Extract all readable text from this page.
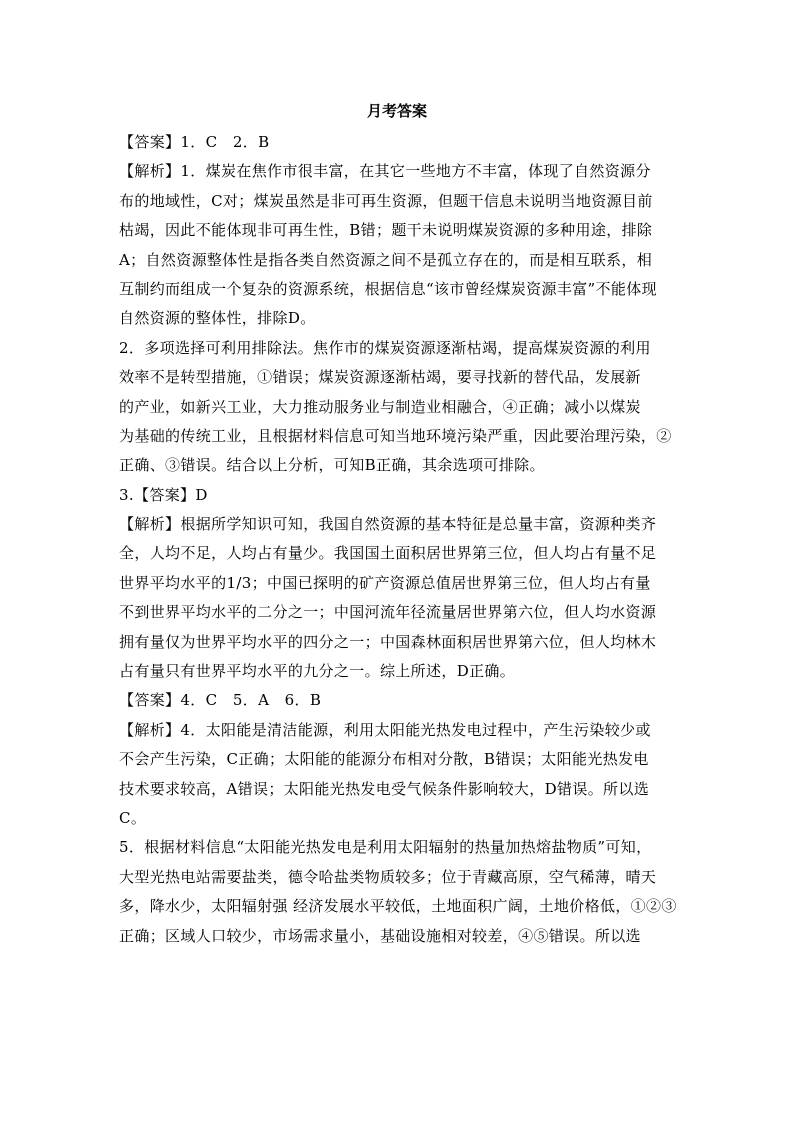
月考答案
【答案】1．C　2．B
【解析】1．煤炭在焦作市很丰富，在其它一些地方不丰富，体现了自然资源分
布的地域性，C对；煤炭虽然是非可再生资源，但题干信息未说明当地资源目前
枯竭，因此不能体现非可再生性，B错；题干未说明煤炭资源的多种用途，排除
A；自然资源整体性是指各类自然资源之间不是孤立存在的，而是相互联系，相
互制约而组成一个复杂的资源系统，根据信息“该市曾经煤炭资源丰富”不能体现
自然资源的整体性，排除D。
2．多项选择可利用排除法。焦作市的煤炭资源逐渐枯竭，提高煤炭资源的利用
效率不是转型措施，①错误；煤炭资源逐渐枯竭，要寻找新的替代品，发展新
的产业，如新兴工业，大力推动服务业与制造业相融合，④正确；减小以煤炭
为基础的传统工业，且根据材料信息可知当地环境污染严重，因此要治理污染，②
正确、③错误。结合以上分析，可知B正确，其余选项可排除。
3.【答案】D
【解析】根据所学知识可知，我国自然资源的基本特征是总量丰富，资源种类齐
全，人均不足，人均占有量少。我国国土面积居世界第三位，但人均占有量不足
世界平均水平的1/3；中国已探明的矿产资源总值居世界第三位，但人均占有量
不到世界平均水平的二分之一；中国河流年径流量居世界第六位，但人均水资源
拥有量仅为世界平均水平的四分之一；中国森林面积居世界第六位，但人均林木
占有量只有世界平均水平的九分之一。综上所述，D正确。
【答案】4．C　5．A　6．B
【解析】4．太阳能是清洁能源，利用太阳能光热发电过程中，产生污染较少或
不会产生污染，C正确；太阳能的能源分布相对分散，B错误；太阳能光热发电
技术要求较高，A错误；太阳能光热发电受气候条件影响较大，D错误。所以选
C。
5．根据材料信息“太阳能光热发电是利用太阳辐射的热量加热熔盐物质”可知，
大型光热电站需要盐类，德令哈盐类物质较多；位于青藏高原，空气稀薄，晴天
多，降水少，太阳辐射强 经济发展水平较低，土地面积广阔，土地价格低，①②③
正确；区域人口较少，市场需求量小，基础设施相对较差，④⑤错误。所以选
